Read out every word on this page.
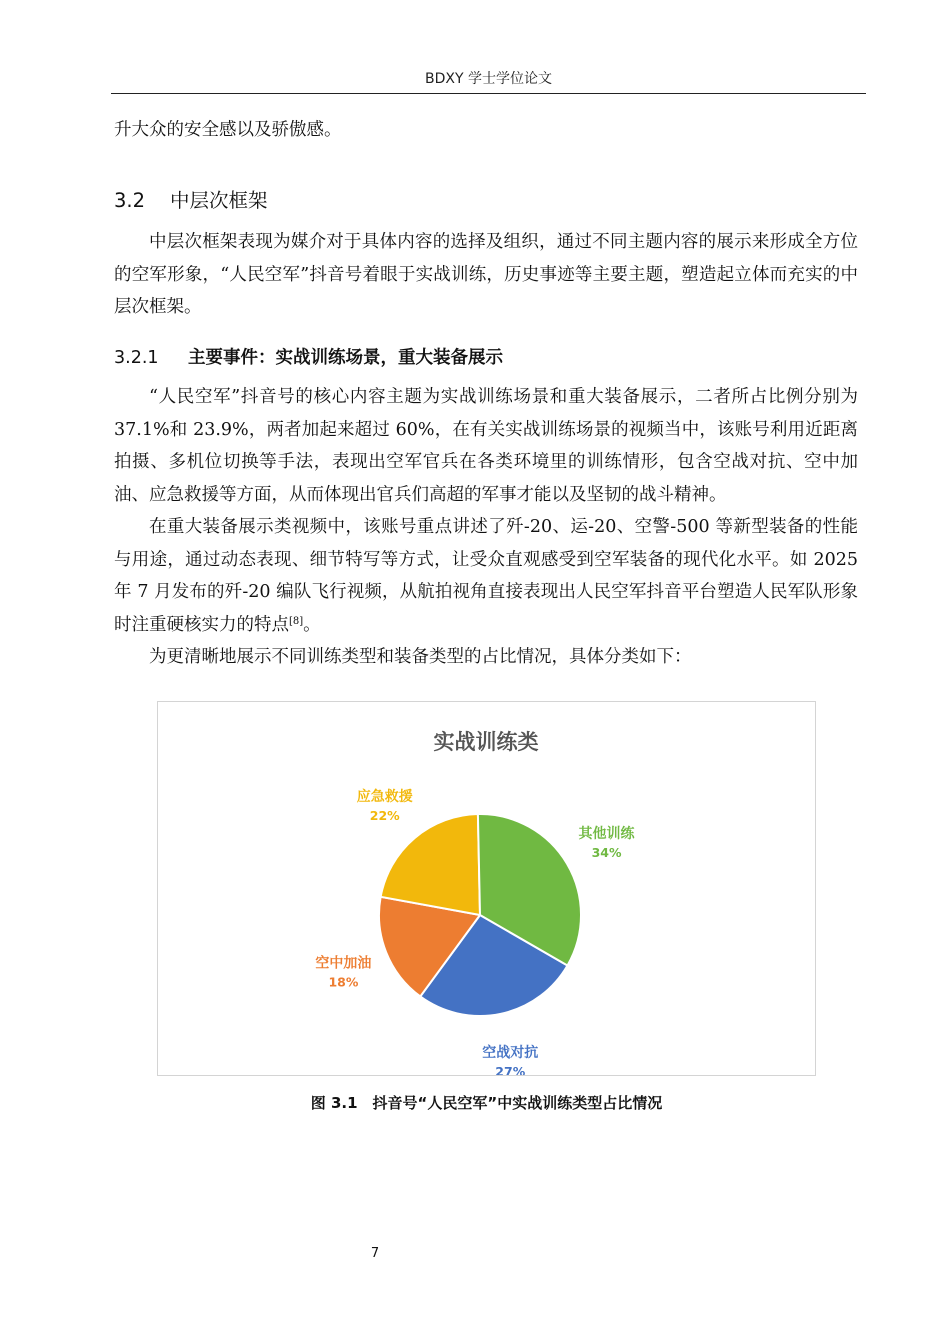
BDXY 学士学位论文

升大众的安全感以及骄傲感。

3.2 中层次框架

中层次框架表现为媒介对于具体内容的选择及组织，通过不同主题内容的展示来形成全方位的空军形象，“人民空军”抖音号着眼于实战训练，历史事迹等主要主题，塑造起立体而充实的中层次框架。

3.2.1 主要事件：实战训练场景，重大装备展示

“人民空军”抖音号的核心内容主题为实战训练场景和重大装备展示，二者所占比例分别为 37.1%和 23.9%，两者加起来超过 60%，在有关实战训练场景的视频当中，该账号利用近距离拍摄、多机位切换等手法，表现出空军官兵在各类环境里的训练情形，包含空战对抗、空中加油、应急救援等方面，从而体现出官兵们高超的军事才能以及坚韧的战斗精神。

在重大装备展示类视频中，该账号重点讲述了歼-20、运-20、空警-500 等新型装备的性能与用途，通过动态表现、细节特写等方式，让受众直观感受到空军装备的现代化水平。如 2025 年 7 月发布的歼-20 编队飞行视频，从航拍视角直接表现出人民空军抖音平台塑造人民军队形象时注重硬核实力的特点[8]。

为更清晰地展示不同训练类型和装备类型的占比情况，具体分类如下：

实战训练类
空战对抗
27%
空中加油
18%
应急救援
22%
其他训练
34%
图 3.1　抖音号“人民空军”中实战训练类型占比情况
7
